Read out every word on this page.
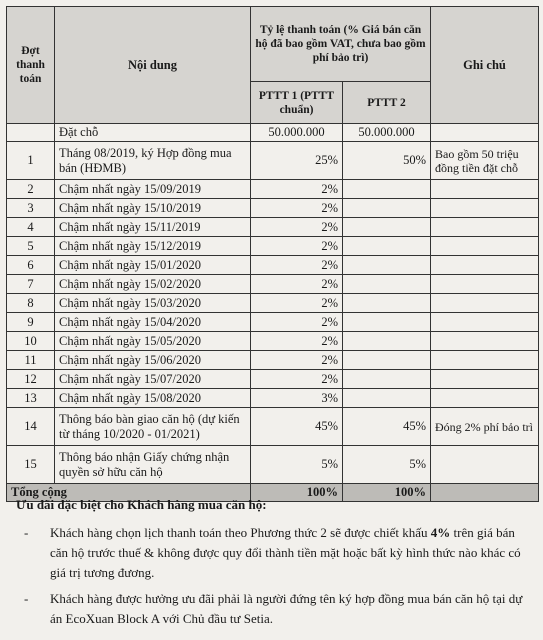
Đợt thanh toán	Nội dung	Tỷ lệ thanh toán (% Giá bán căn hộ đã bao gồm VAT, chưa bao gồm phí bảo trì)		Ghi chú
		PTTT 1 (PTTT chuẩn)	PTTT 2	
	Đặt chỗ	50.000.000	50.000.000	
1	Tháng 08/2019, ký Hợp đồng mua bán (HĐMB)	25%	50%	Bao gồm 50 triệu đồng tiền đặt chỗ
2	Chậm nhất ngày 15/09/2019	2%		
3	Chậm nhất ngày 15/10/2019	2%		
4	Chậm nhất ngày 15/11/2019	2%		
5	Chậm nhất ngày 15/12/2019	2%		
6	Chậm nhất ngày 15/01/2020	2%		
7	Chậm nhất ngày 15/02/2020	2%		
8	Chậm nhất ngày 15/03/2020	2%		
9	Chậm nhất ngày 15/04/2020	2%		
10	Chậm nhất ngày 15/05/2020	2%		
11	Chậm nhất ngày 15/06/2020	2%		
12	Chậm nhất ngày 15/07/2020	2%		
13	Chậm nhất ngày 15/08/2020	3%		
14	Thông báo bàn giao căn hộ (dự kiến từ tháng 10/2020 - 01/2021)	45%	45%	Đóng 2% phí bảo trì
15	Thông báo nhận Giấy chứng nhận quyền sở hữu căn hộ	5%	5%	
Tổng cộng		100%	100%	
Ưu đãi đặc biệt cho Khách hàng mua căn hộ:
- Khách hàng chọn lịch thanh toán theo Phương thức 2 sẽ được chiết khấu 4% trên giá bán căn hộ trước thuế & không được quy đổi thành tiền mặt hoặc bất kỳ hình thức nào khác có giá trị tương đương.
- Khách hàng được hưởng ưu đãi phải là người đứng tên ký hợp đồng mua bán căn hộ tại dự án EcoXuan Block A với Chủ đầu tư Setia.
